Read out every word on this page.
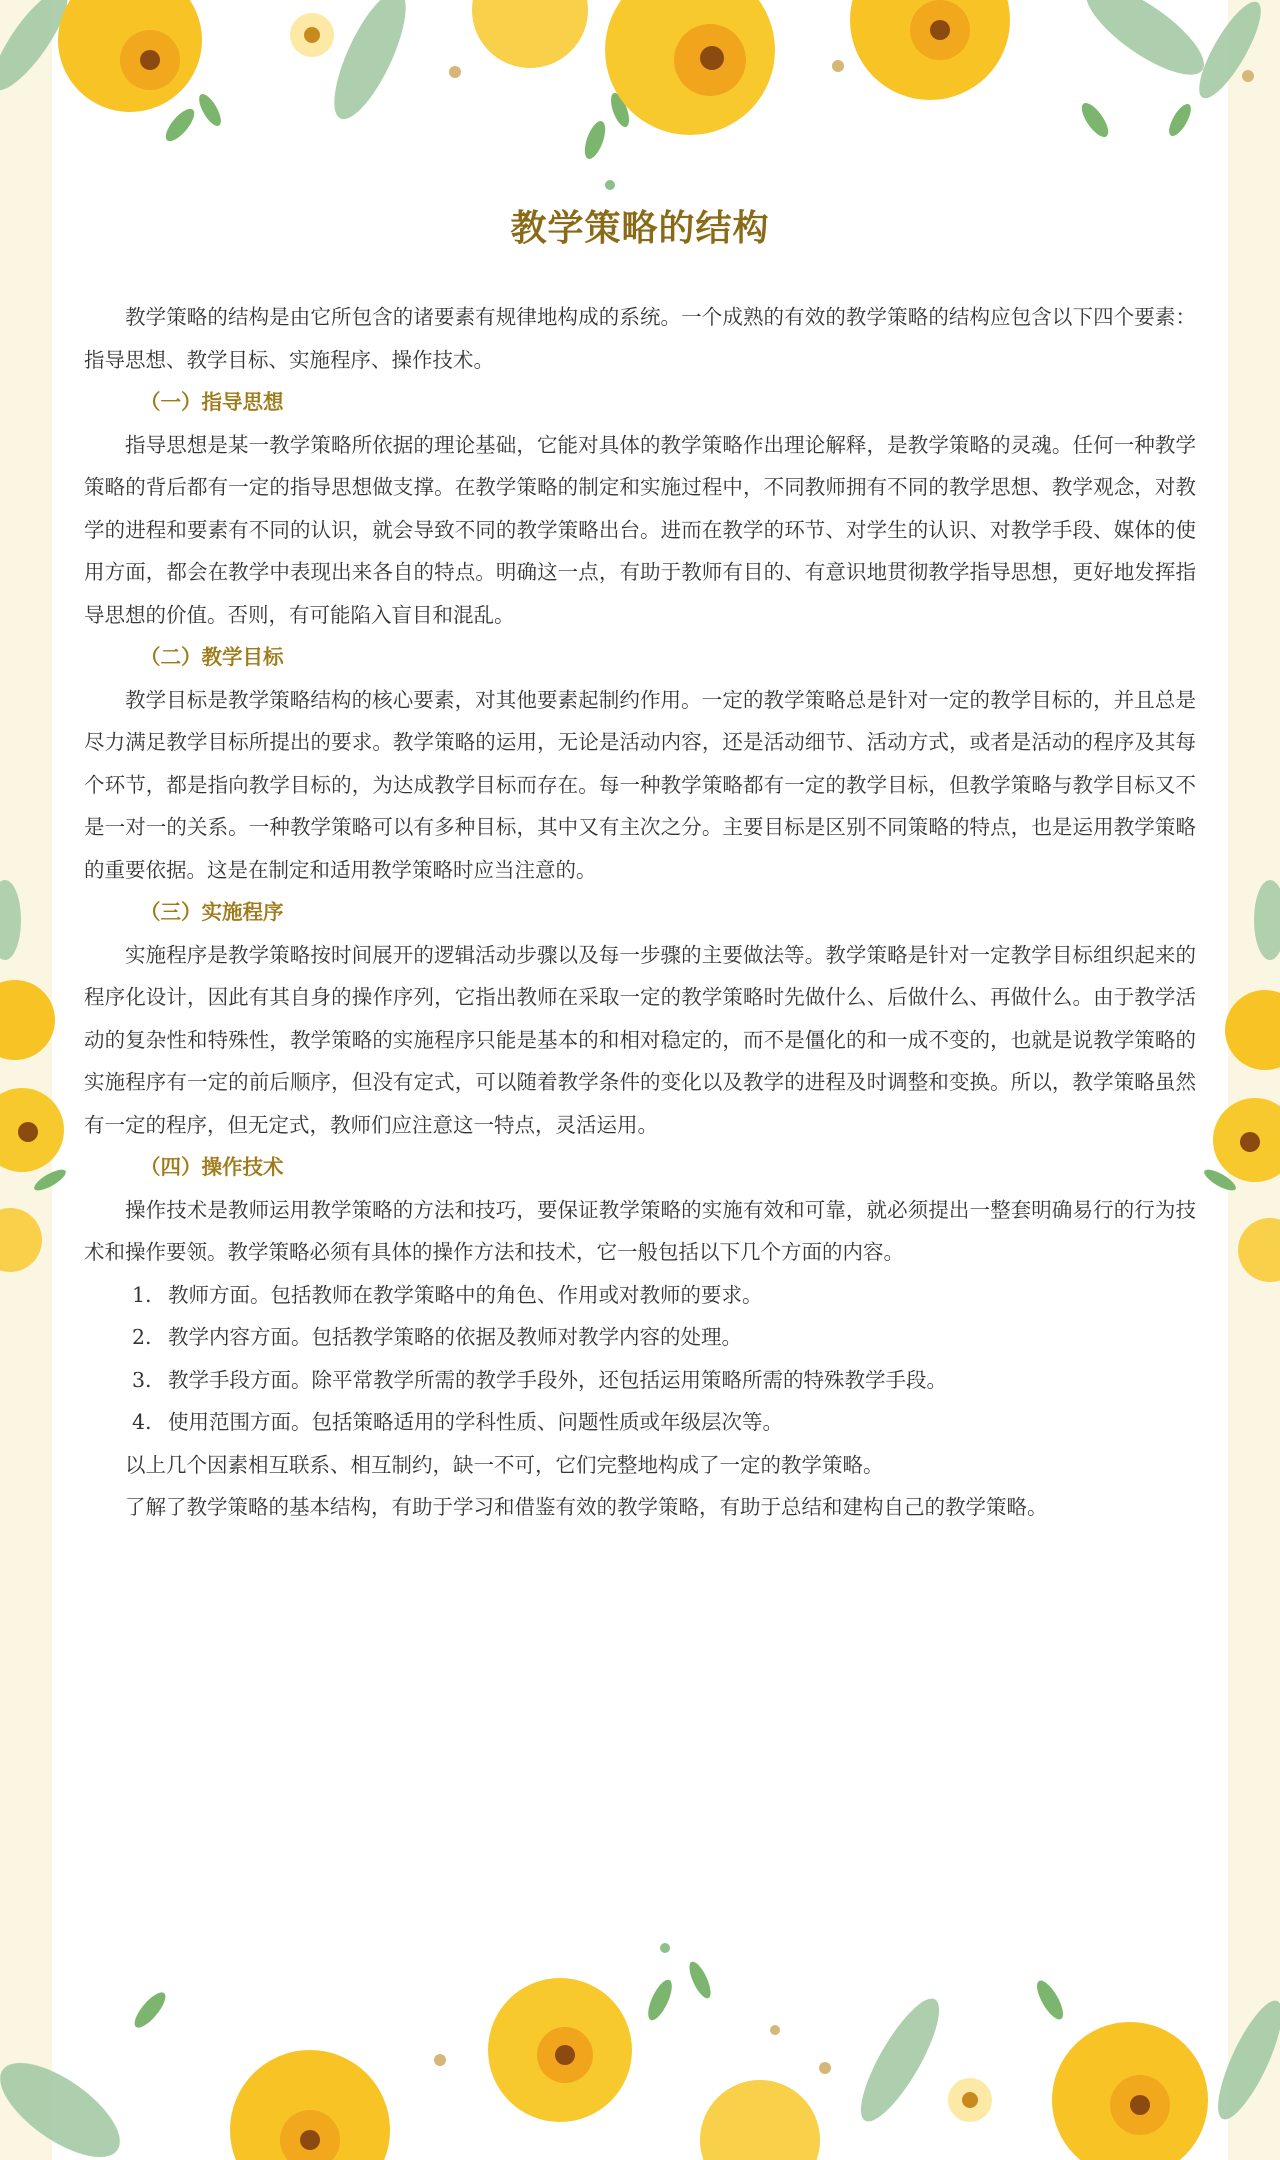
教学策略的结构

教学策略的结构是由它所包含的诸要素有规律地构成的系统。一个成熟的有效的教学策略的结构应包含以下四个要素：指导思想、教学目标、实施程序、操作技术。

（一）指导思想

指导思想是某一教学策略所依据的理论基础，它能对具体的教学策略作出理论解释，是教学策略的灵魂。任何一种教学策略的背后都有一定的指导思想做支撑。在教学策略的制定和实施过程中，不同教师拥有不同的教学思想、教学观念，对教学的进程和要素有不同的认识，就会导致不同的教学策略出台。进而在教学的环节、对学生的认识、对教学手段、媒体的使用方面，都会在教学中表现出来各自的特点。明确这一点，有助于教师有目的、有意识地贯彻教学指导思想，更好地发挥指导思想的价值。否则，有可能陷入盲目和混乱。

（二）教学目标

教学目标是教学策略结构的核心要素，对其他要素起制约作用。一定的教学策略总是针对一定的教学目标的，并且总是尽力满足教学目标所提出的要求。教学策略的运用，无论是活动内容，还是活动细节、活动方式，或者是活动的程序及其每个环节，都是指向教学目标的，为达成教学目标而存在。每一种教学策略都有一定的教学目标，但教学策略与教学目标又不是一对一的关系。一种教学策略可以有多种目标，其中又有主次之分。主要目标是区别不同策略的特点，也是运用教学策略的重要依据。这是在制定和适用教学策略时应当注意的。

（三）实施程序

实施程序是教学策略按时间展开的逻辑活动步骤以及每一步骤的主要做法等。教学策略是针对一定教学目标组织起来的程序化设计，因此有其自身的操作序列，它指出教师在采取一定的教学策略时先做什么、后做什么、再做什么。由于教学活动的复杂性和特殊性，教学策略的实施程序只能是基本的和相对稳定的，而不是僵化的和一成不变的，也就是说教学策略的实施程序有一定的前后顺序，但没有定式，可以随着教学条件的变化以及教学的进程及时调整和变换。所以，教学策略虽然有一定的程序，但无定式，教师们应注意这一特点，灵活运用。

（四）操作技术

操作技术是教师运用教学策略的方法和技巧，要保证教学策略的实施有效和可靠，就必须提出一整套明确易行的行为技术和操作要领。教学策略必须有具体的操作方法和技术，它一般包括以下几个方面的内容。

1. 教师方面。包括教师在教学策略中的角色、作用或对教师的要求。

2. 教学内容方面。包括教学策略的依据及教师对教学内容的处理。

3. 教学手段方面。除平常教学所需的教学手段外，还包括运用策略所需的特殊教学手段。

4. 使用范围方面。包括策略适用的学科性质、问题性质或年级层次等。

以上几个因素相互联系、相互制约，缺一不可，它们完整地构成了一定的教学策略。

了解了教学策略的基本结构，有助于学习和借鉴有效的教学策略，有助于总结和建构自己的教学策略。
